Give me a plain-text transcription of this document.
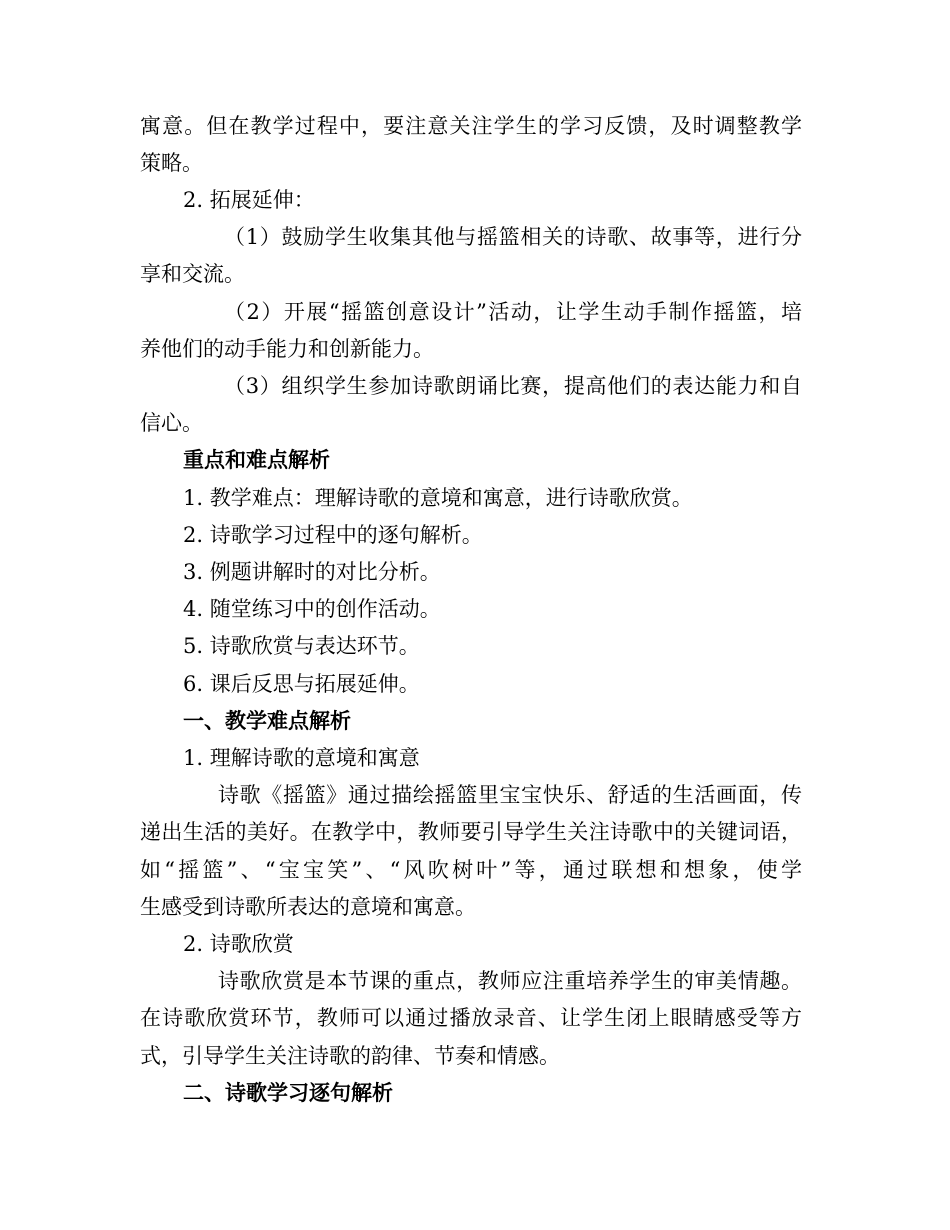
寓意。但在教学过程中，要注意关注学生的学习反馈，及时调整教学
策略。
2. 拓展延伸：
（1）鼓励学生收集其他与摇篮相关的诗歌、故事等，进行分
享和交流。
（2）开展“摇篮创意设计”活动，让学生动手制作摇篮，培
养他们的动手能力和创新能力。
（3）组织学生参加诗歌朗诵比赛，提高他们的表达能力和自
信心。
重点和难点解析
1. 教学难点：理解诗歌的意境和寓意，进行诗歌欣赏。
2. 诗歌学习过程中的逐句解析。
3. 例题讲解时的对比分析。
4. 随堂练习中的创作活动。
5. 诗歌欣赏与表达环节。
6. 课后反思与拓展延伸。
一、教学难点解析
1. 理解诗歌的意境和寓意
诗歌《摇篮》通过描绘摇篮里宝宝快乐、舒适的生活画面，传
递出生活的美好。在教学中，教师要引导学生关注诗歌中的关键词语，
如“摇篮”、“宝宝笑”、“风吹树叶”等，通过联想和想象，使学
生感受到诗歌所表达的意境和寓意。
2. 诗歌欣赏
诗歌欣赏是本节课的重点，教师应注重培养学生的审美情趣。
在诗歌欣赏环节，教师可以通过播放录音、让学生闭上眼睛感受等方
式，引导学生关注诗歌的韵律、节奏和情感。
二、诗歌学习逐句解析
